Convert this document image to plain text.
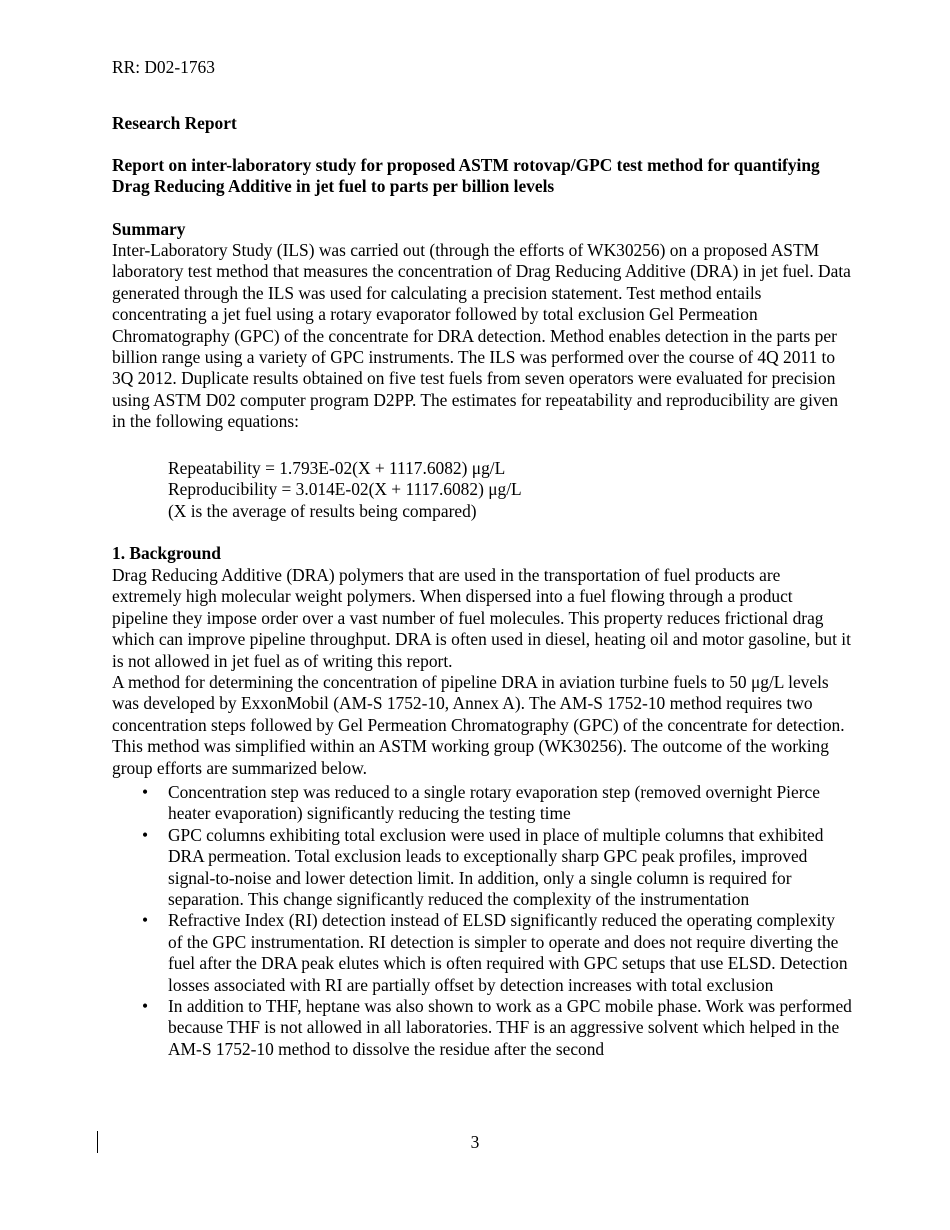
RR: D02-1763
Research Report
Report on inter-laboratory study for proposed ASTM rotovap/GPC test method for quantifying Drag Reducing Additive in jet fuel to parts per billion levels
Summary
Inter-Laboratory Study (ILS) was carried out (through the efforts of WK30256) on a proposed ASTM laboratory test method that measures the concentration of Drag Reducing Additive (DRA) in jet fuel. Data generated through the ILS was used for calculating a precision statement. Test method entails concentrating a jet fuel using a rotary evaporator followed by total exclusion Gel Permeation Chromatography (GPC) of the concentrate for DRA detection. Method enables detection in the parts per billion range using a variety of GPC instruments. The ILS was performed over the course of 4Q 2011 to 3Q 2012. Duplicate results obtained on five test fuels from seven operators were evaluated for precision using ASTM D02 computer program D2PP. The estimates for repeatability and reproducibility are given in the following equations:
Repeatability = 1.793E-02(X + 1117.6082) μg/L
Reproducibility = 3.014E-02(X + 1117.6082) μg/L
(X is the average of results being compared)
1. Background
Drag Reducing Additive (DRA) polymers that are used in the transportation of fuel products are extremely high molecular weight polymers. When dispersed into a fuel flowing through a product pipeline they impose order over a vast number of fuel molecules. This property reduces frictional drag which can improve pipeline throughput. DRA is often used in diesel, heating oil and motor gasoline, but it is not allowed in jet fuel as of writing this report.
A method for determining the concentration of pipeline DRA in aviation turbine fuels to 50 μg/L levels was developed by ExxonMobil (AM-S 1752-10, Annex A). The AM-S 1752-10 method requires two concentration steps followed by Gel Permeation Chromatography (GPC) of the concentrate for detection. This method was simplified within an ASTM working group (WK30256). The outcome of the working group efforts are summarized below.
• Concentration step was reduced to a single rotary evaporation step (removed overnight Pierce heater evaporation) significantly reducing the testing time
• GPC columns exhibiting total exclusion were used in place of multiple columns that exhibited DRA permeation. Total exclusion leads to exceptionally sharp GPC peak profiles, improved signal-to-noise and lower detection limit. In addition, only a single column is required for separation. This change significantly reduced the complexity of the instrumentation
• Refractive Index (RI) detection instead of ELSD significantly reduced the operating complexity of the GPC instrumentation. RI detection is simpler to operate and does not require diverting the fuel after the DRA peak elutes which is often required with GPC setups that use ELSD. Detection losses associated with RI are partially offset by detection increases with total exclusion
• In addition to THF, heptane was also shown to work as a GPC mobile phase. Work was performed because THF is not allowed in all laboratories. THF is an aggressive solvent which helped in the AM-S 1752-10 method to dissolve the residue after the second
3
